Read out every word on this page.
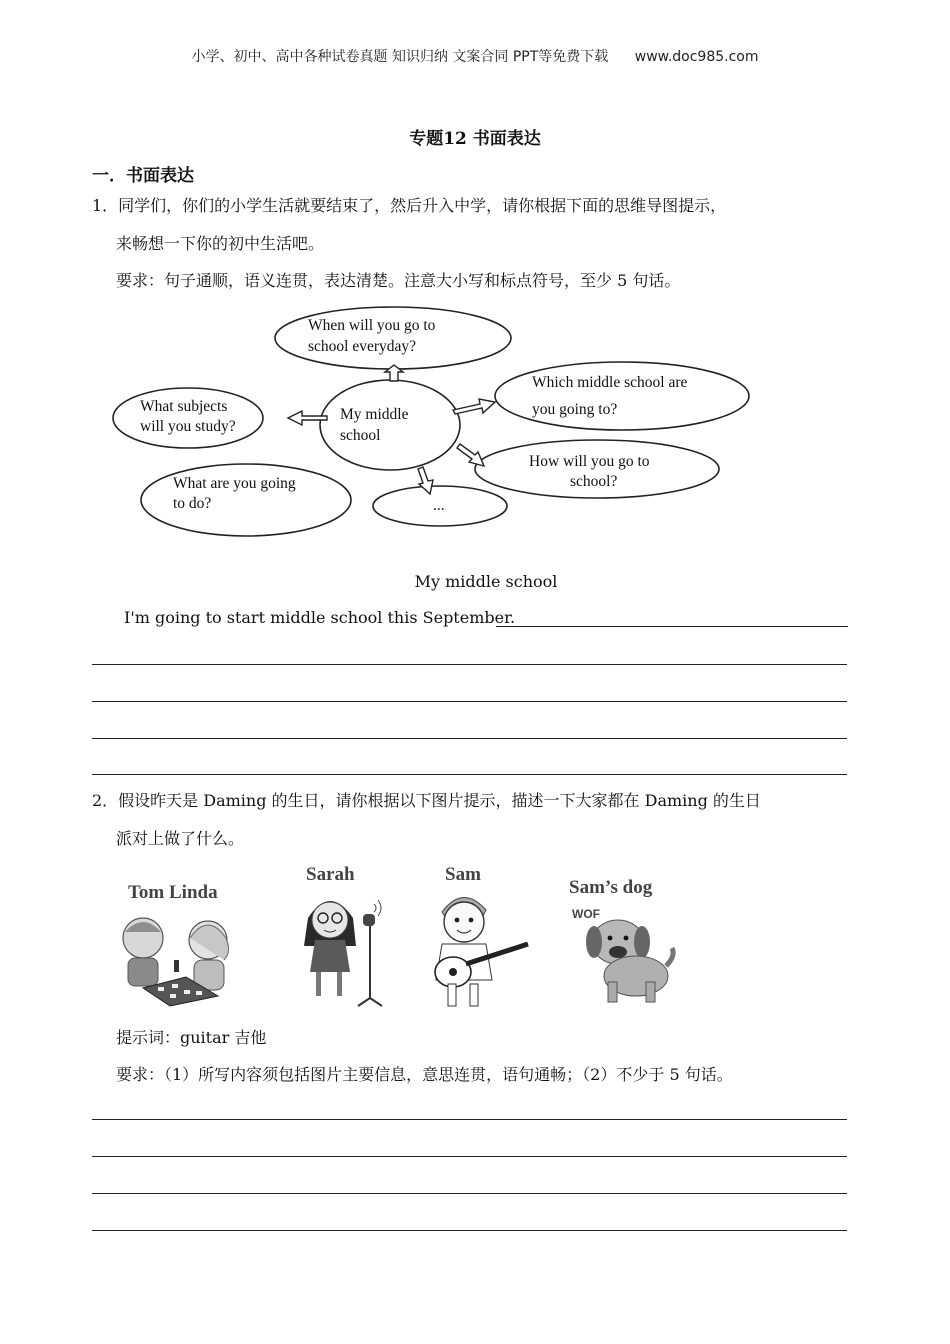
小学、初中、高中各种试卷真题 知识归纳 文案合同 PPT等免费下载 www.doc985.com
专题12 书面表达
一．书面表达
1．同学们，你们的小学生活就要结束了，然后升入中学，请你根据下面的思维导图提示，
来畅想一下你的初中生活吧。
要求：句子通顺，语义连贯，表达清楚。注意大小写和标点符号，至少 5 句话。
When will you go to
school everyday?
My middle
school
What subjects
will you study?
Which middle school are
you going to?
What are you going
to do?
How will you go to
school?
...
My middle school
I'm going to start middle school this September.
2．假设昨天是 Daming 的生日，请你根据以下图片提示，描述一下大家都在 Daming 的生日
派对上做了什么。
Tom Linda
Sarah	Sam
Sam’s dog
WOF
提示词：guitar 吉他
要求：（1）所写内容须包括图片主要信息，意思连贯，语句通畅；（2）不少于 5 句话。
